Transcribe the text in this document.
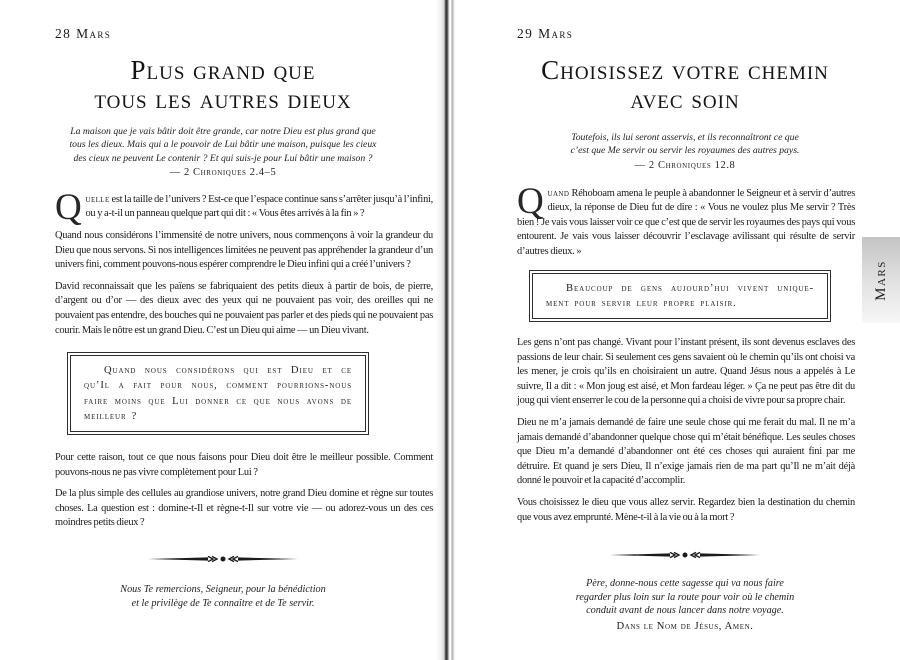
28 Mars
Plus grand que
tous les autres dieux
La maison que je vais bâtir doit être grande, car notre Dieu est plus grand que
tous les dieux. Mais qui a le pouvoir de Lui bâtir une maison, puisque les cieux
des cieux ne peuvent Le contenir ? Et qui suis-je pour Lui bâtir une maison ?
— 2 Chroniques 2.4–5

Quelle est la taille de l’univers ? Est-ce que l’espace continue sans s’arrêter jusqu’à l’infini, ou y a-t-il un panneau quelque part qui dit : « Vous êtes arrivés à la fin » ?

Quand nous considérons l’immensité de notre univers, nous commençons à voir la grandeur du Dieu que nous servons. Si nos intelligences limitées ne peuvent pas appréhender la grandeur d’un univers fini, comment pouvons-nous espérer comprendre le Dieu infini qui a créé l’univers ?

David reconnaissait que les païens se fabriquaient des petits dieux à partir de bois, de pierre, d’argent ou d’or — des dieux avec des yeux qui ne pouvaient pas voir, des oreilles qui ne pouvaient pas entendre, des bouches qui ne pouvaient pas parler et des pieds qui ne pouvaient pas courir. Mais le nôtre est un grand Dieu. C’est un Dieu qui aime — un Dieu vivant.

Quand nous considérons qui est Dieu et ce
qu’Il a fait pour nous, comment pourrions-nous
faire moins que Lui donner ce que nous avons de
meilleur ?

Pour cette raison, tout ce que nous faisons pour Dieu doit être le meilleur possible. Comment pouvons-nous ne pas vivre complètement pour Lui ?

De la plus simple des cellules au grandiose univers, notre grand Dieu domine et règne sur toutes choses. La question est : domine-t-Il et règne-t-Il sur votre vie — ou adorez-vous un des ces moindres petits dieux ?

Nous Te remercions, Seigneur, pour la bénédiction
et le privilège de Te connaître et de Te servir.
29 Mars
Choisissez votre chemin
avec soin
Toutefois, ils lui seront asservis, et ils reconnaîtront ce que
c’est que Me servir ou servir les royaumes des autres pays.
— 2 Chroniques 12.8

Quand Réhoboam amena le peuple à abandonner le Seigneur et à servir d’autres dieux, la réponse de Dieu fut de dire : « Vous ne voulez plus Me servir ? Très bien ! Je vais vous laisser voir ce que c’est que de servir les royaumes des pays qui vous entourent. Je vais vous laisser découvrir l’esclavage avilissant qui résulte de servir d’autres dieux. »

Beaucoup de gens aujourd’hui vivent unique-
ment pour servir leur propre plaisir.

Les gens n’ont pas changé. Vivant pour l’instant présent, ils sont devenus esclaves des passions de leur chair. Si seulement ces gens savaient où le chemin qu’ils ont choisi va les mener, je crois qu’ils en choisiraient un autre. Quand Jésus nous a appelés à Le suivre, Il a dit : « Mon joug est aisé, et Mon fardeau léger. » Ça ne peut pas être dit du joug qui vient enserrer le cou de la personne qui a choisi de vivre pour sa propre chair.

Dieu ne m’a jamais demandé de faire une seule chose qui me ferait du mal. Il ne m’a jamais demandé d’abandonner quelque chose qui m’était bénéfique. Les seules choses que Dieu m’a demandé d’abandonner ont été ces choses qui auraient fini par me détruire. Et quand je sers Dieu, Il n’exige jamais rien de ma part qu’Il ne m’ait déjà donné le pouvoir et la capacité d’accomplir.

Vous choisissez le dieu que vous allez servir. Regardez bien la destination du chemin que vous avez emprunté. Mène-t-il à la vie ou à la mort ?

Père, donne-nous cette sagesse qui va nous faire
regarder plus loin sur la route pour voir où le chemin
conduit avant de nous lancer dans notre voyage.
Dans le Nom de Jésus, Amen.
Mars
